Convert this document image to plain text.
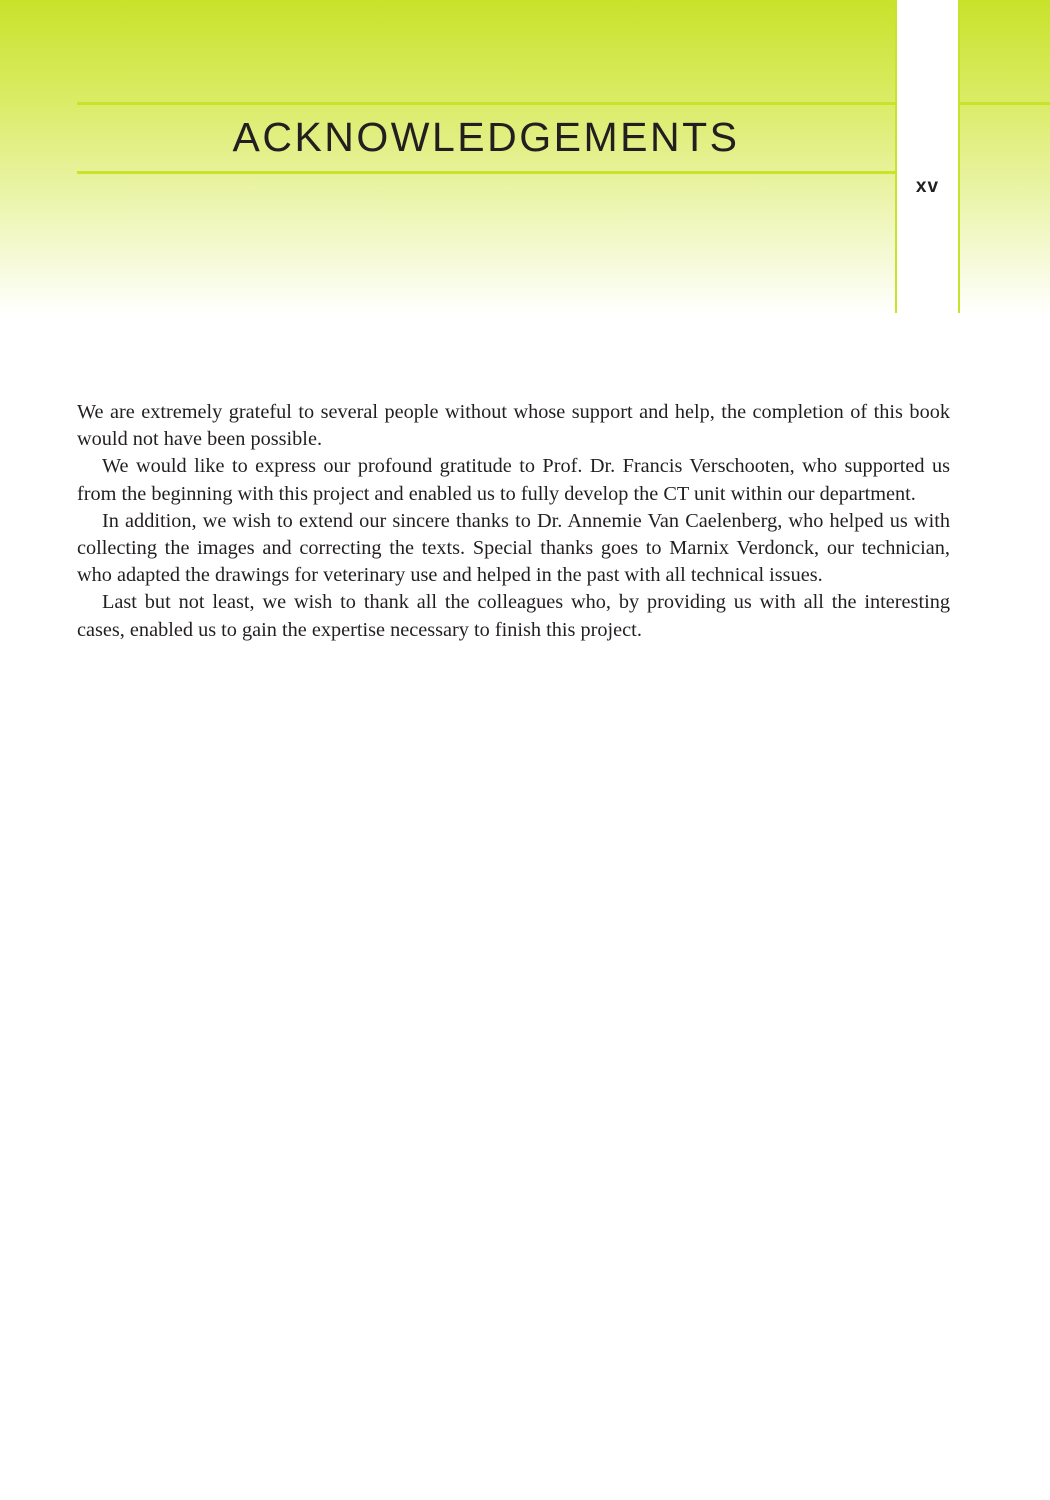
ACKNOWLEDGEMENTS
xv

We are extremely grateful to several people without whose support and help, the completion of this book would not have been possible.

We would like to express our profound gratitude to Prof. Dr. Francis Verschooten, who supported us from the beginning with this project and enabled us to fully develop the CT unit within our department.

In addition, we wish to extend our sincere thanks to Dr. Annemie Van Caelenberg, who helped us with collecting the images and correcting the texts. Special thanks goes to Marnix Verdonck, our technician, who adapted the drawings for veterinary use and helped in the past with all technical issues.

Last but not least, we wish to thank all the colleagues who, by providing us with all the interesting cases, enabled us to gain the expertise necessary to finish this project.
